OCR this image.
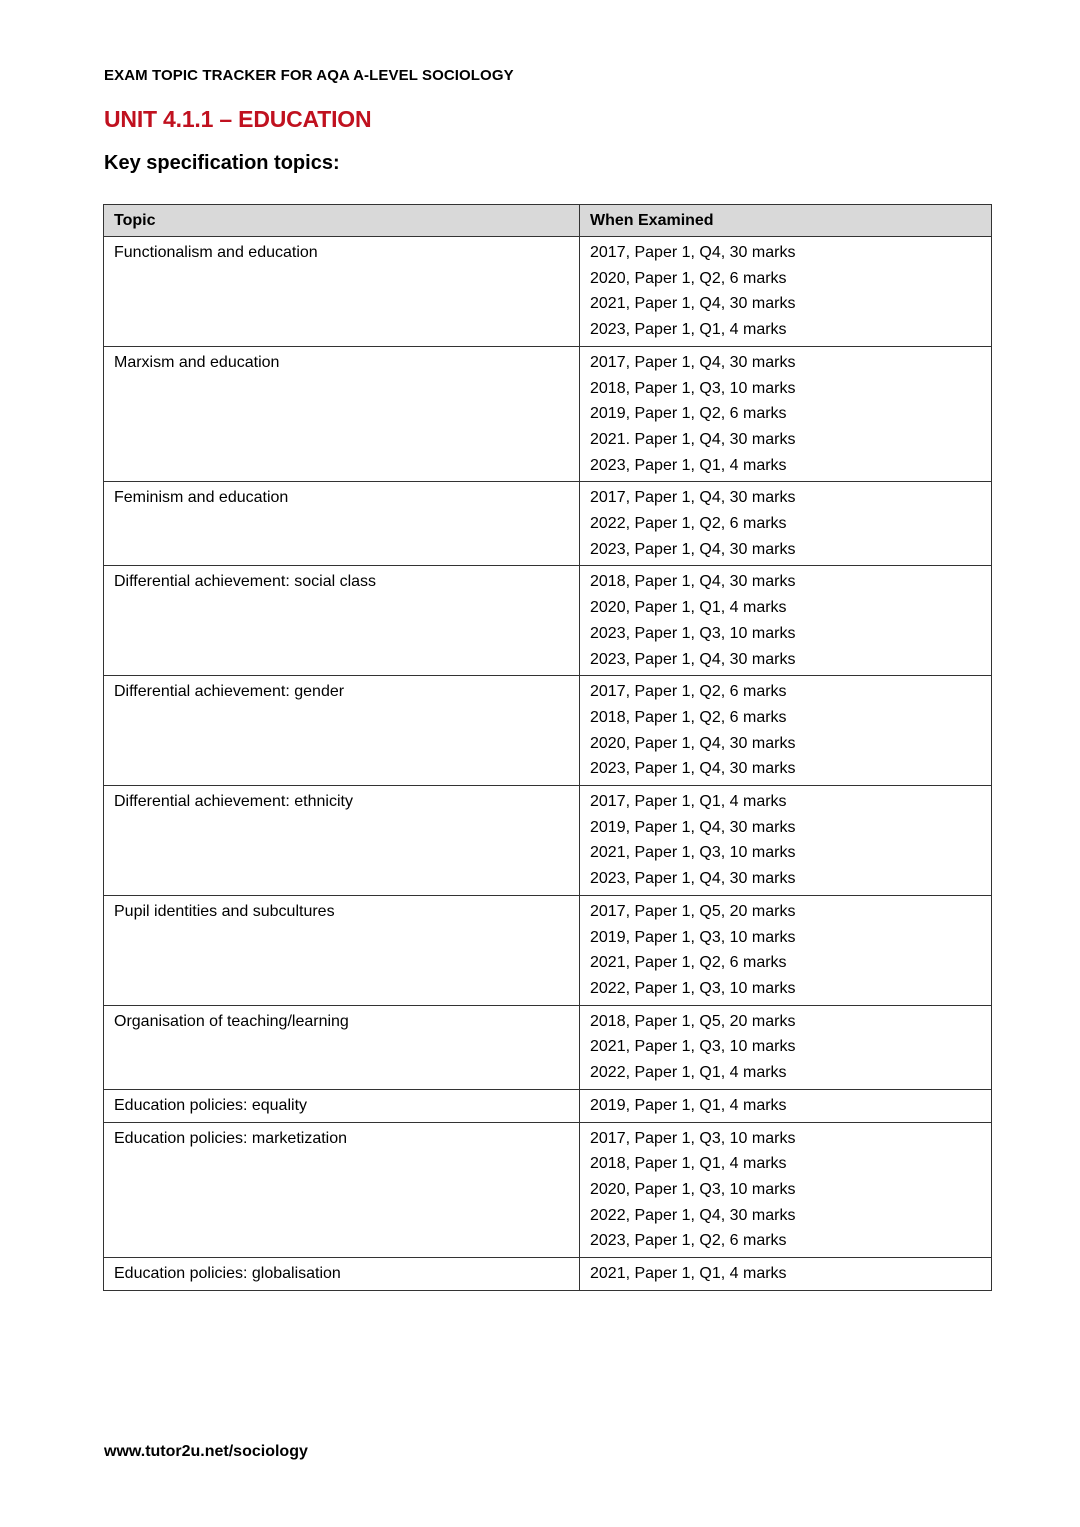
EXAM TOPIC TRACKER FOR AQA A-LEVEL SOCIOLOGY
UNIT 4.1.1 – EDUCATION
Key specification topics:
Topic	When Examined

Functionalism and education	2017, Paper 1, Q4, 30 marks
2020, Paper 1, Q2, 6 marks
2021, Paper 1, Q4, 30 marks
2023, Paper 1, Q1, 4 marks

Marxism and education	2017, Paper 1, Q4, 30 marks
2018, Paper 1, Q3, 10 marks
2019, Paper 1, Q2, 6 marks
2021. Paper 1, Q4, 30 marks
2023, Paper 1, Q1, 4 marks

Feminism and education	2017, Paper 1, Q4, 30 marks
2022, Paper 1, Q2, 6 marks
2023, Paper 1, Q4, 30 marks

Differential achievement: social class	2018, Paper 1, Q4, 30 marks
2020, Paper 1, Q1, 4 marks
2023, Paper 1, Q3, 10 marks
2023, Paper 1, Q4, 30 marks

Differential achievement: gender	2017, Paper 1, Q2, 6 marks
2018, Paper 1, Q2, 6 marks
2020, Paper 1, Q4, 30 marks
2023, Paper 1, Q4, 30 marks

Differential achievement: ethnicity	2017, Paper 1, Q1, 4 marks
2019, Paper 1, Q4, 30 marks
2021, Paper 1, Q3, 10 marks
2023, Paper 1, Q4, 30 marks

Pupil identities and subcultures	2017, Paper 1, Q5, 20 marks
2019, Paper 1, Q3, 10 marks
2021, Paper 1, Q2, 6 marks
2022, Paper 1, Q3, 10 marks

Organisation of teaching/learning	2018, Paper 1, Q5, 20 marks
2021, Paper 1, Q3, 10 marks
2022, Paper 1, Q1, 4 marks

Education policies: equality	2019, Paper 1, Q1, 4 marks

Education policies: marketization	2017, Paper 1, Q3, 10 marks
2018, Paper 1, Q1, 4 marks
2020, Paper 1, Q3, 10 marks
2022, Paper 1, Q4, 30 marks
2023, Paper 1, Q2, 6 marks

Education policies: globalisation	2021, Paper 1, Q1, 4 marks
www.tutor2u.net/sociology
